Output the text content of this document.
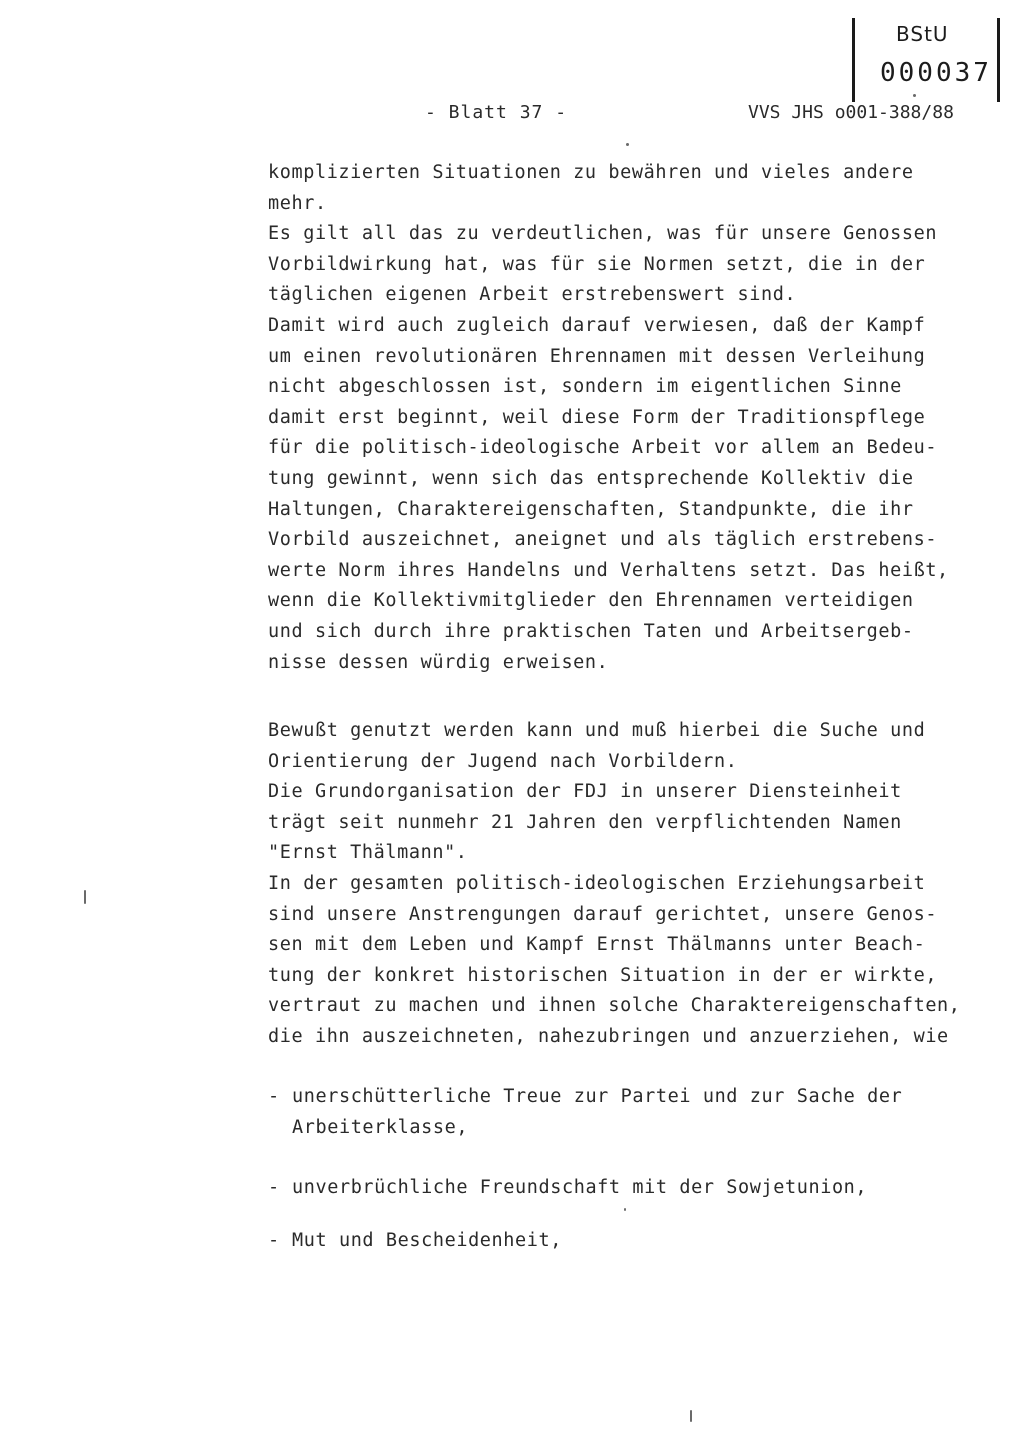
BStU
000037
- Blatt 37 -	VVS JHS o001-388/88
komplizierten Situationen zu bewähren und vieles andere
mehr.
Es gilt all das zu verdeutlichen, was für unsere Genossen
Vorbildwirkung hat, was für sie Normen setzt, die in der
täglichen eigenen Arbeit erstrebenswert sind.
Damit wird auch zugleich darauf verwiesen, daß der Kampf
um einen revolutionären Ehrennamen mit dessen Verleihung
nicht abgeschlossen ist, sondern im eigentlichen Sinne
damit erst beginnt, weil diese Form der Traditionspflege
für die politisch-ideologische Arbeit vor allem an Bedeu-
tung gewinnt, wenn sich das entsprechende Kollektiv die
Haltungen, Charaktereigenschaften, Standpunkte, die ihr
Vorbild auszeichnet, aneignet und als täglich erstrebens-
werte Norm ihres Handelns und Verhaltens setzt. Das heißt,
wenn die Kollektivmitglieder den Ehrennamen verteidigen
und sich durch ihre praktischen Taten und Arbeitsergeb-
nisse dessen würdig erweisen.
Bewußt genutzt werden kann und muß hierbei die Suche und
Orientierung der Jugend nach Vorbildern.
Die Grundorganisation der FDJ in unserer Diensteinheit
trägt seit nunmehr 21 Jahren den verpflichtenden Namen
"Ernst Thälmann".
In der gesamten politisch-ideologischen Erziehungsarbeit
sind unsere Anstrengungen darauf gerichtet, unsere Genos-
sen mit dem Leben und Kampf Ernst Thälmanns unter Beach-
tung der konkret historischen Situation in der er wirkte,
vertraut zu machen und ihnen solche Charaktereigenschaften,
die ihn auszeichneten, nahezubringen und anzuerziehen, wie
- unerschütterliche Treue zur Partei und zur Sache der
Arbeiterklasse,
- unverbrüchliche Freundschaft mit der Sowjetunion,
- Mut und Bescheidenheit,
